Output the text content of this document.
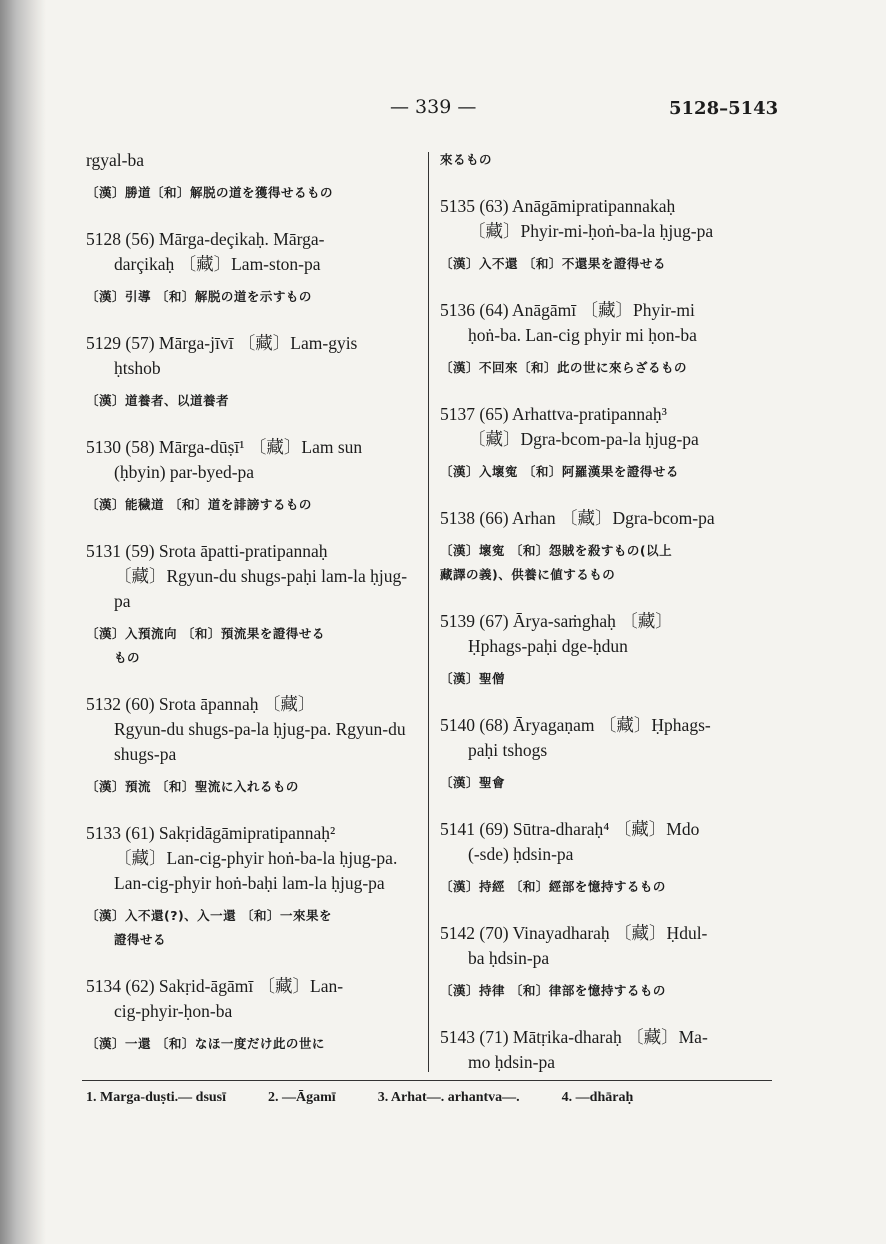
— 339 —	5128–5143
rgyal-ba
〔漢〕勝道〔和〕解脱の道を獲得せるもの
5128 (56) Mārga-deçikaḥ. Mārga-
darçikaḥ 〔藏〕Lam-ston-pa
〔漢〕引導 〔和〕解脱の道を示すもの
5129 (57) Mārga-jīvī 〔藏〕Lam-gyis
ḥtshob
〔漢〕道養者、以道養者
5130 (58) Mārga-dūṣī¹ 〔藏〕Lam sun
(ḥbyin) par-byed-pa
〔漢〕能穢道 〔和〕道を誹謗するもの
5131 (59) Srota āpatti-pratipannaḥ
〔藏〕Rgyun-du shugs-paḥi lam-la ḥjug-pa
〔漢〕入預流向 〔和〕預流果を證得せる
もの
5132 (60) Srota āpannaḥ 〔藏〕
Rgyun-du shugs-pa-la ḥjug-pa. Rgyun-du shugs-pa
〔漢〕預流 〔和〕聖流に入れるもの
5133 (61) Sakṛidāgāmipratipannaḥ²
〔藏〕Lan-cig-phyir hoṅ-ba-la ḥjug-pa. Lan-cig-phyir hoṅ-baḥi lam-la ḥjug-pa
〔漢〕入不還(?)、入一還 〔和〕一來果を
證得せる
5134 (62) Sakṛid-āgāmī 〔藏〕Lan-
cig-phyir-ḥon-ba
〔漢〕一還 〔和〕なほ一度だけ此の世に
來るもの
5135 (63) Anāgāmipratipannakaḥ
〔藏〕Phyir-mi-ḥoṅ-ba-la ḥjug-pa
〔漢〕入不還 〔和〕不還果を證得せる
5136 (64) Anāgāmī 〔藏〕Phyir-mi
ḥoṅ-ba. Lan-cig phyir mi ḥon-ba
〔漢〕不回來〔和〕此の世に來らざるもの
5137 (65) Arhattva-pratipannaḥ³
〔藏〕Dgra-bcom-pa-la ḥjug-pa
〔漢〕入壞寃 〔和〕阿羅漢果を證得せる
5138 (66) Arhan 〔藏〕Dgra-bcom-pa
〔漢〕壞寃 〔和〕怨賊を殺すもの(以上
藏譯の義)、供養に値するもの
5139 (67) Ārya-saṁghaḥ 〔藏〕
Ḥphags-paḥi dge-ḥdun
〔漢〕聖僧
5140 (68) Āryagaṇam 〔藏〕Ḥphags-
paḥi tshogs
〔漢〕聖會
5141 (69) Sūtra-dharaḥ⁴ 〔藏〕Mdo
(-sde) ḥdsin-pa
〔漢〕持經 〔和〕經部を憶持するもの
5142 (70) Vinayadharaḥ 〔藏〕Ḥdul-
ba ḥdsin-pa
〔漢〕持律 〔和〕律部を憶持するもの
5143 (71) Mātṛika-dharaḥ 〔藏〕Ma-
mo ḥdsin-pa
1. Marga-duṣti.— dsusī	2. —Āgamī	3. Arhat—. arhantva—.	4. —dhāraḥ
